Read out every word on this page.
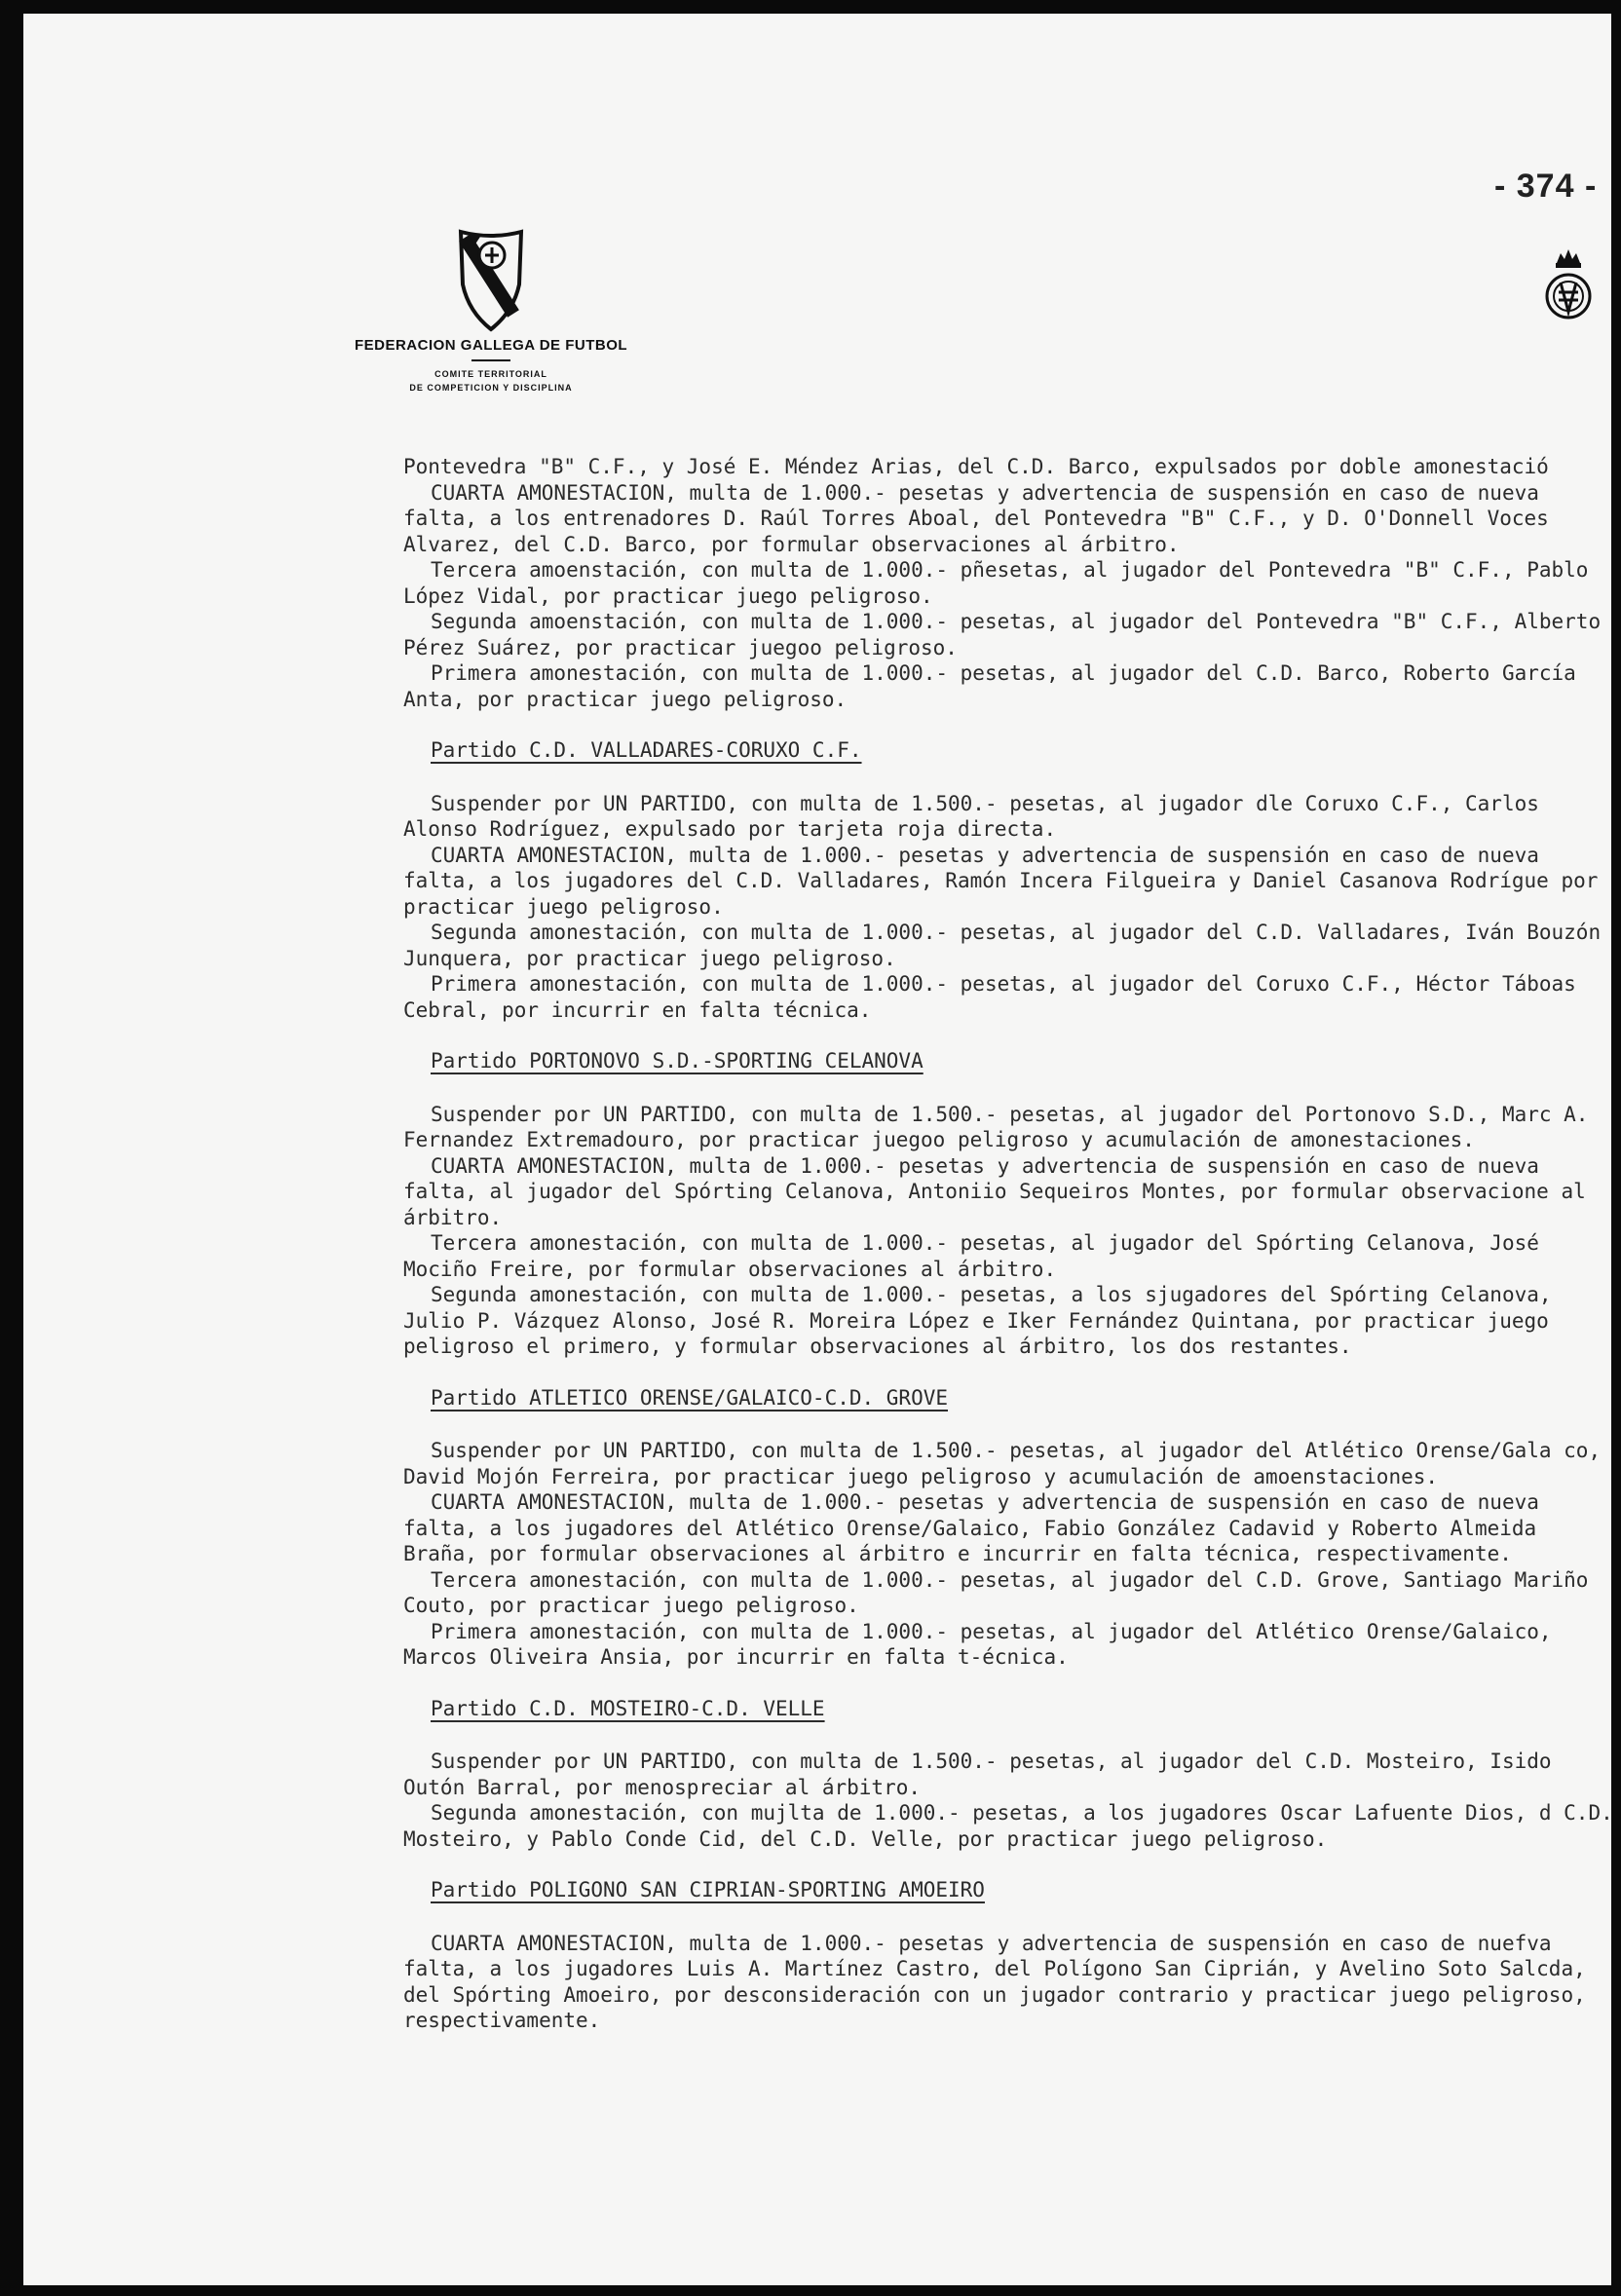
- 374 -
FEDERACION GALLEGA DE FUTBOL
COMITE TERRITORIAL
DE COMPETICION Y DISCIPLINA

Pontevedra "B" C.F., y José E. Méndez Arias, del C.D. Barco, expulsados por doble amonestació

CUARTA AMONESTACION, multa de 1.000.- pesetas y advertencia de suspensión en caso de nueva falta, a los entrenadores D. Raúl Torres Aboal, del Pontevedra "B" C.F., y D. O'Donnell Voces Alvarez, del C.D. Barco, por formular observaciones al árbitro.

Tercera amoenstación, con multa de 1.000.- pñesetas, al jugador del Pontevedra "B" C.F., Pablo López Vidal, por practicar juego peligroso.

Segunda amoenstación, con multa de 1.000.- pesetas, al jugador del Pontevedra "B" C.F., Alberto Pérez Suárez, por practicar juegoo peligroso.

Primera amonestación, con multa de 1.000.- pesetas, al jugador del C.D. Barco, Roberto García Anta, por practicar juego peligroso.

Partido C.D. VALLADARES-CORUXO C.F.

Suspender por UN PARTIDO, con multa de 1.500.- pesetas, al jugador dle Coruxo C.F., Carlos Alonso Rodríguez, expulsado por tarjeta roja directa.

CUARTA AMONESTACION, multa de 1.000.- pesetas y advertencia de suspensión en caso de nueva falta, a los jugadores del C.D. Valladares, Ramón Incera Filgueira y Daniel Casanova Rodrígue por practicar juego peligroso.

Segunda amonestación, con multa de 1.000.- pesetas, al jugador del C.D. Valladares, Iván Bouzón Junquera, por practicar juego peligroso.

Primera amonestación, con multa de 1.000.- pesetas, al jugador del Coruxo C.F., Héctor Táboas Cebral, por incurrir en falta técnica.

Partido PORTONOVO S.D.-SPORTING CELANOVA

Suspender por UN PARTIDO, con multa de 1.500.- pesetas, al jugador del Portonovo S.D., Marc A. Fernandez Extremadouro, por practicar juegoo peligroso y acumulación de amonestaciones.

CUARTA AMONESTACION, multa de 1.000.- pesetas y advertencia de suspensión en caso de nueva falta, al jugador del Spórting Celanova, Antoniio Sequeiros Montes, por formular observacione al árbitro.

Tercera amonestación, con multa de 1.000.- pesetas, al jugador del Spórting Celanova, José Mociño Freire, por formular observaciones al árbitro.

Segunda amonestación, con multa de 1.000.- pesetas, a los sjugadores del Spórting Celanova, Julio P. Vázquez Alonso, José R. Moreira López e Iker Fernández Quintana, por practicar juego peligroso el primero, y formular observaciones al árbitro, los dos restantes.

Partido ATLETICO ORENSE/GALAICO-C.D. GROVE

Suspender por UN PARTIDO, con multa de 1.500.- pesetas, al jugador del Atlético Orense/Gala co, David Mojón Ferreira, por practicar juego peligroso y acumulación de amoenstaciones.

CUARTA AMONESTACION, multa de 1.000.- pesetas y advertencia de suspensión en caso de nueva falta, a los jugadores del Atlético Orense/Galaico, Fabio González Cadavid y Roberto Almeida Braña, por formular observaciones al árbitro e incurrir en falta técnica, respectivamente.

Tercera amonestación, con multa de 1.000.- pesetas, al jugador del C.D. Grove, Santiago Mariño Couto, por practicar juego peligroso.

Primera amonestación, con multa de 1.000.- pesetas, al jugador del Atlético Orense/Galaico, Marcos Oliveira Ansia, por incurrir en falta t-écnica.

Partido C.D. MOSTEIRO-C.D. VELLE

Suspender por UN PARTIDO, con multa de 1.500.- pesetas, al jugador del C.D. Mosteiro, Isido Outón Barral, por menospreciar al árbitro.

Segunda amonestación, con mujlta de 1.000.- pesetas, a los jugadores Oscar Lafuente Dios, d C.D. Mosteiro, y Pablo Conde Cid, del C.D. Velle, por practicar juego peligroso.

Partido POLIGONO SAN CIPRIAN-SPORTING AMOEIRO

CUARTA AMONESTACION, multa de 1.000.- pesetas y advertencia de suspensión en caso de nuefva falta, a los jugadores Luis A. Martínez Castro, del Polígono San Ciprián, y Avelino Soto Salcda, del Spórting Amoeiro, por desconsideración con un jugador contrario y practicar juego peligroso, respectivamente.
